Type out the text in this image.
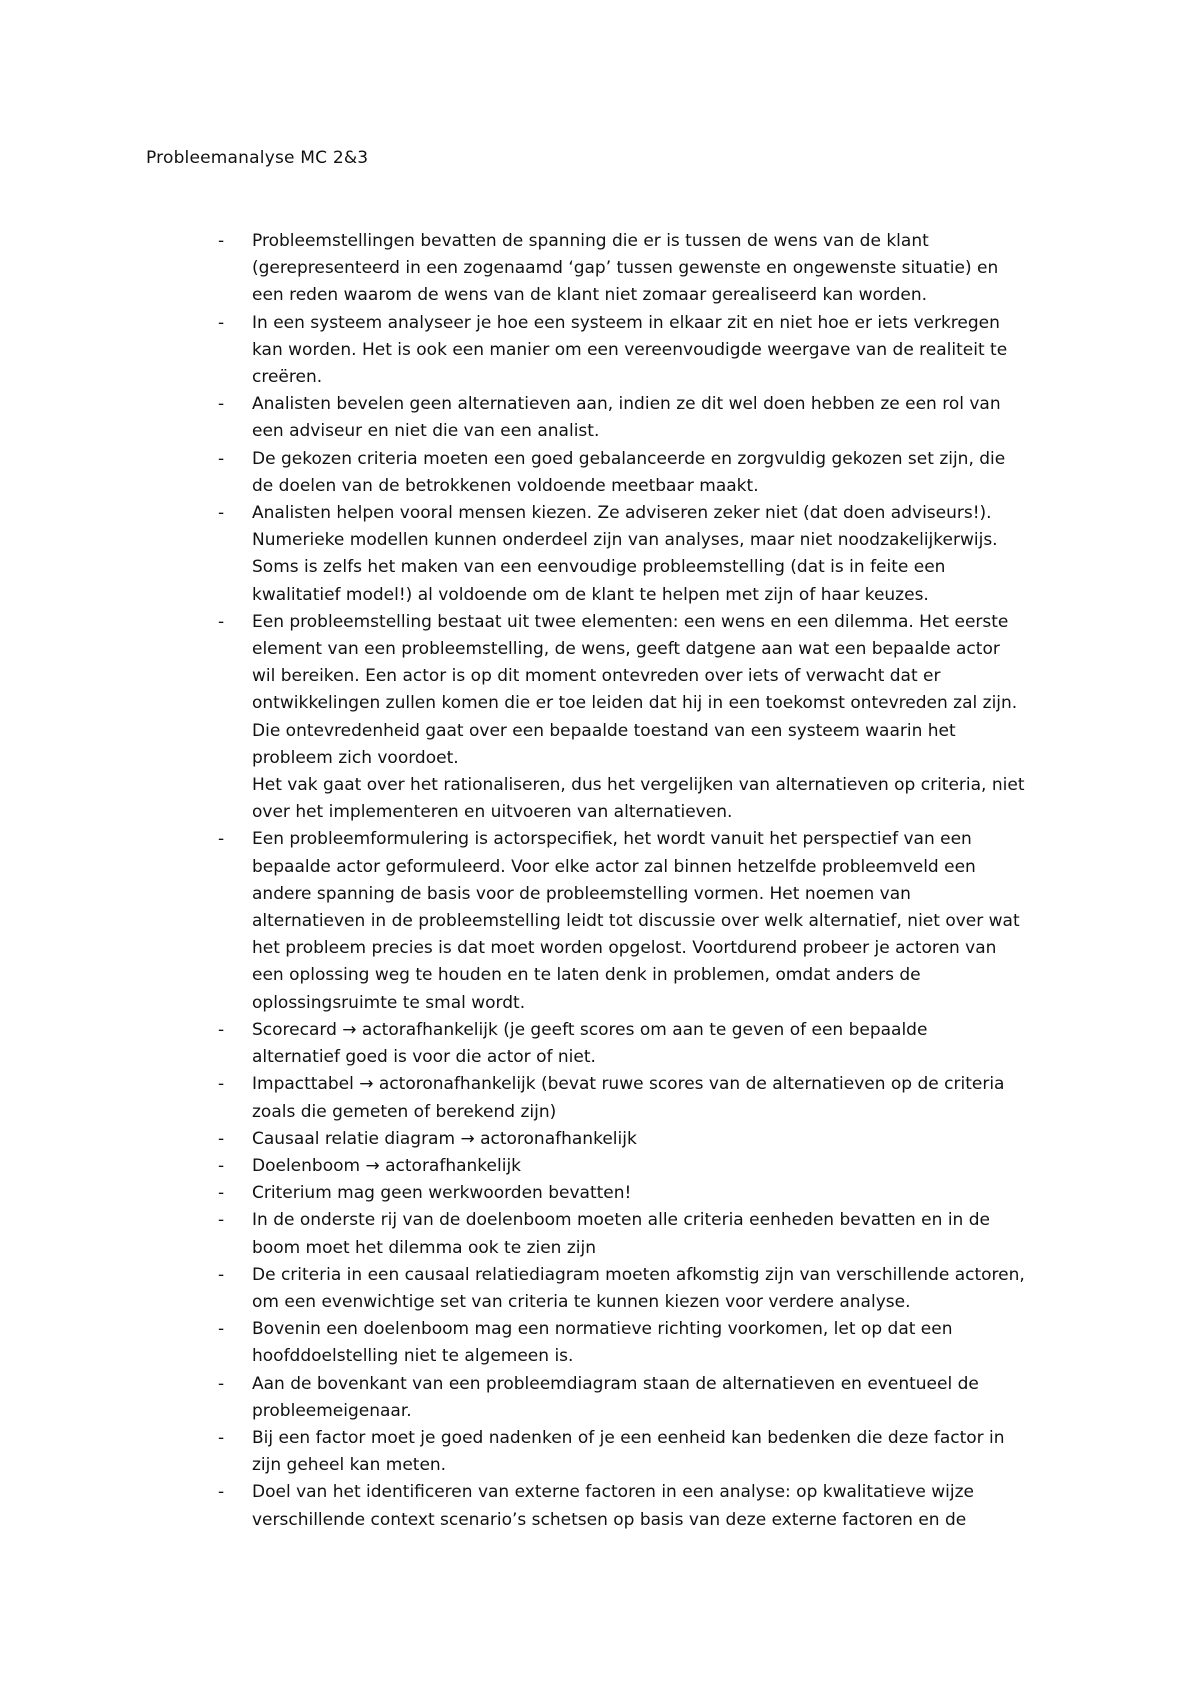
Probleemanalyse MC 2&3
- Probleemstellingen bevatten de spanning die er is tussen de wens van de klant
(gerepresenteerd in een zogenaamd ‘gap’ tussen gewenste en ongewenste situatie) en
een reden waarom de wens van de klant niet zomaar gerealiseerd kan worden.
- In een systeem analyseer je hoe een systeem in elkaar zit en niet hoe er iets verkregen
kan worden. Het is ook een manier om een vereenvoudigde weergave van de realiteit te
creëren.
- Analisten bevelen geen alternatieven aan, indien ze dit wel doen hebben ze een rol van
een adviseur en niet die van een analist.
- De gekozen criteria moeten een goed gebalanceerde en zorgvuldig gekozen set zijn, die
de doelen van de betrokkenen voldoende meetbaar maakt.
- Analisten helpen vooral mensen kiezen. Ze adviseren zeker niet (dat doen adviseurs!).
Numerieke modellen kunnen onderdeel zijn van analyses, maar niet noodzakelijkerwijs.
Soms is zelfs het maken van een eenvoudige probleemstelling (dat is in feite een
kwalitatief model!) al voldoende om de klant te helpen met zijn of haar keuzes.
- Een probleemstelling bestaat uit twee elementen: een wens en een dilemma. Het eerste
element van een probleemstelling, de wens, geeft datgene aan wat een bepaalde actor
wil bereiken. Een actor is op dit moment ontevreden over iets of verwacht dat er
ontwikkelingen zullen komen die er toe leiden dat hij in een toekomst ontevreden zal zijn.
Die ontevredenheid gaat over een bepaalde toestand van een systeem waarin het
probleem zich voordoet.
Het vak gaat over het rationaliseren, dus het vergelijken van alternatieven op criteria, niet
over het implementeren en uitvoeren van alternatieven.
- Een probleemformulering is actorspecifiek, het wordt vanuit het perspectief van een
bepaalde actor geformuleerd. Voor elke actor zal binnen hetzelfde probleemveld een
andere spanning de basis voor de probleemstelling vormen. Het noemen van
alternatieven in de probleemstelling leidt tot discussie over welk alternatief, niet over wat
het probleem precies is dat moet worden opgelost. Voortdurend probeer je actoren van
een oplossing weg te houden en te laten denk in problemen, omdat anders de
oplossingsruimte te smal wordt.
- Scorecard → actorafhankelijk (je geeft scores om aan te geven of een bepaalde
alternatief goed is voor die actor of niet.
- Impacttabel → actoronafhankelijk (bevat ruwe scores van de alternatieven op de criteria
zoals die gemeten of berekend zijn)
- Causaal relatie diagram → actoronafhankelijk
- Doelenboom → actorafhankelijk
- Criterium mag geen werkwoorden bevatten!
- In de onderste rij van de doelenboom moeten alle criteria eenheden bevatten en in de
boom moet het dilemma ook te zien zijn
- De criteria in een causaal relatiediagram moeten afkomstig zijn van verschillende actoren,
om een evenwichtige set van criteria te kunnen kiezen voor verdere analyse.
- Bovenin een doelenboom mag een normatieve richting voorkomen, let op dat een
hoofddoelstelling niet te algemeen is.
- Aan de bovenkant van een probleemdiagram staan de alternatieven en eventueel de
probleemeigenaar.
- Bij een factor moet je goed nadenken of je een eenheid kan bedenken die deze factor in
zijn geheel kan meten.
- Doel van het identificeren van externe factoren in een analyse: op kwalitatieve wijze
verschillende context scenario’s schetsen op basis van deze externe factoren en de
